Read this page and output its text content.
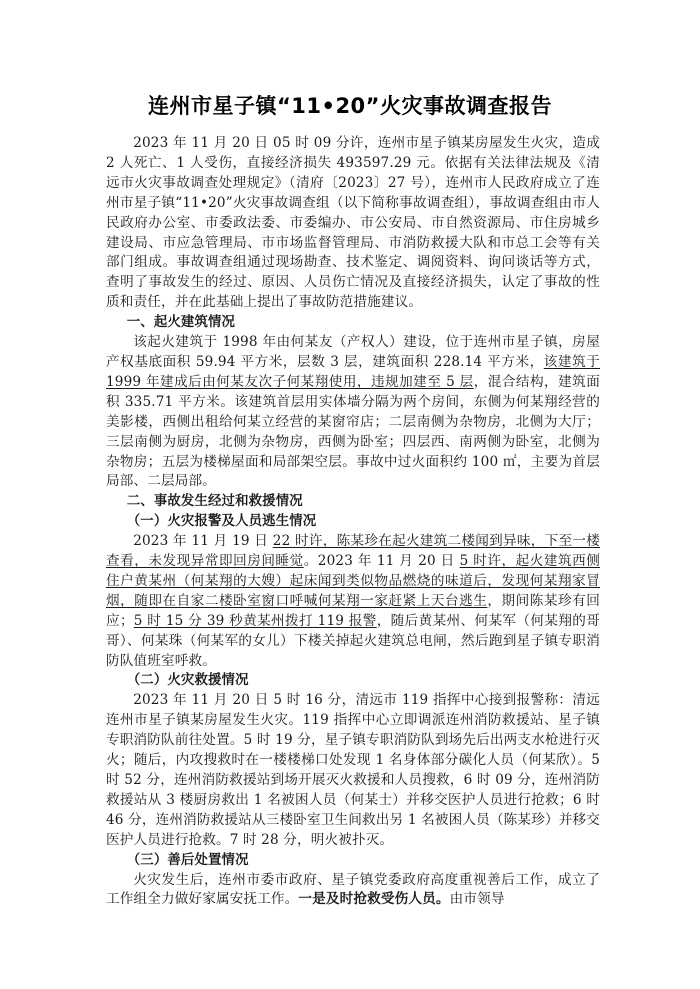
连州市星子镇“11•20”火灾事故调查报告

2023 年 11 月 20 日 05 时 09 分许，连州市星子镇某房屋发生火灾，造成 2 人死亡、1 人受伤，直接经济损失 493597.29 元。依据有关法律法规及《清远市火灾事故调查处理规定》（清府〔2023〕27 号），连州市人民政府成立了连州市星子镇“11•20”火灾事故调查组（以下简称事故调查组），事故调查组由市人民政府办公室、市委政法委、市委编办、市公安局、市自然资源局、市住房城乡建设局、市应急管理局、市市场监督管理局、市消防救援大队和市总工会等有关部门组成。事故调查组通过现场勘查、技术鉴定、调阅资料、询问谈话等方式，查明了事故发生的经过、原因、人员伤亡情况及直接经济损失，认定了事故的性质和责任，并在此基础上提出了事故防范措施建议。

一、起火建筑情况

该起火建筑于 1998 年由何某友（产权人）建设，位于连州市星子镇，房屋产权基底面积 59.94 平方米，层数 3 层，建筑面积 228.14 平方米，该建筑于 1999 年建成后由何某友次子何某翔使用，违规加建至 5 层，混合结构，建筑面积 335.71 平方米。该建筑首层用实体墙分隔为两个房间，东侧为何某翔经营的美影楼，西侧出租给何某立经营的某窗帘店；二层南侧为杂物房，北侧为大厅；三层南侧为厨房，北侧为杂物房，西侧为卧室；四层西、南两侧为卧室，北侧为杂物房；五层为楼梯屋面和局部架空层。事故中过火面积约 100 ㎡，主要为首层局部、二层局部。

二、事故发生经过和救援情况

（一）火灾报警及人员逃生情况

2023 年 11 月 19 日 22 时许，陈某珍在起火建筑二楼闻到异味，下至一楼查看，未发现异常即回房间睡觉。2023 年 11 月 20 日 5 时许，起火建筑西侧住户黄某州（何某翔的大嫂）起床闻到类似物品燃烧的味道后，发现何某翔家冒烟，随即在自家二楼卧室窗口呼喊何某翔一家赶紧上天台逃生，期间陈某珍有回应；5 时 15 分 39 秒黄某州拨打 119 报警，随后黄某州、何某军（何某翔的哥哥）、何某珠（何某军的女儿）下楼关掉起火建筑总电闸，然后跑到星子镇专职消防队值班室呼救。

（二）火灾救援情况

2023 年 11 月 20 日 5 时 16 分，清远市 119 指挥中心接到报警称：清远连州市星子镇某房屋发生火灾。119 指挥中心立即调派连州消防救援站、星子镇专职消防队前往处置。5 时 19 分，星子镇专职消防队到场先后出两支水枪进行灭火；随后，内攻搜救时在一楼楼梯口处发现 1 名身体部分碳化人员（何某欣）。5 时 52 分，连州消防救援站到场开展灭火救援和人员搜救，6 时 09 分，连州消防救援站从 3 楼厨房救出 1 名被困人员（何某士）并移交医护人员进行抢救；6 时 46 分，连州消防救援站从三楼卧室卫生间救出另 1 名被困人员（陈某珍）并移交医护人员进行抢救。7 时 28 分，明火被扑灭。

（三）善后处置情况

火灾发生后，连州市委市政府、星子镇党委政府高度重视善后工作，成立了工作组全力做好家属安抚工作。一是及时抢救受伤人员。由市领导
